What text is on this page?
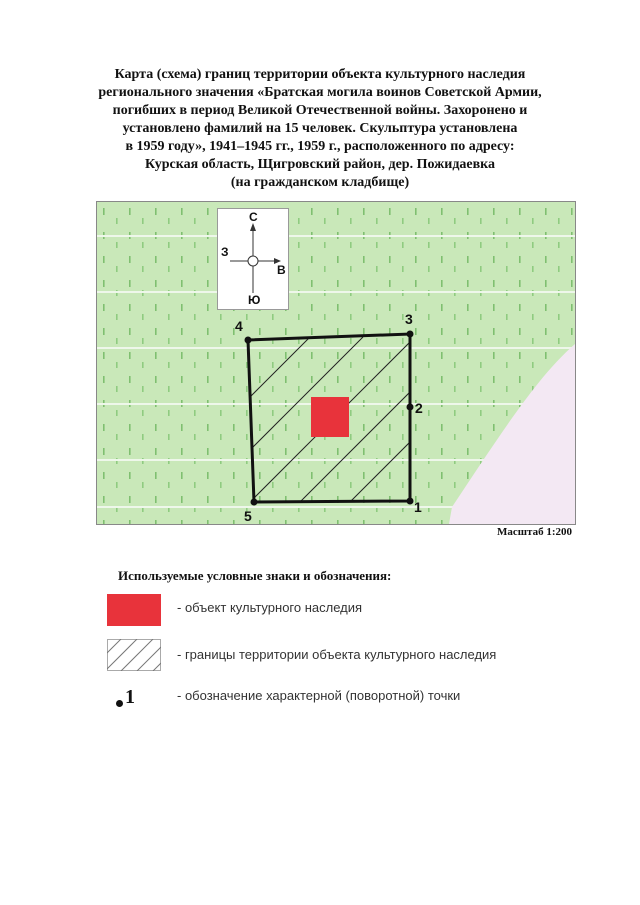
Карта (схема) границ территории объекта культурного наследия
регионального значения «Братская могила воинов Советской Армии,
погибших в период Великой Отечественной войны. Захоронено и
установлено фамилий на 15 человек. Скульптура установлена
в 1959 году», 1941–1945 гг., 1959 г., расположенного по адресу:
Курская область, Щигровский район, дер. Пожидаевка
(на гражданском кладбище)
С
З
В
Ю
1
2
3
4
5
Масштаб 1:200
Используемые условные знаки и обозначения:
- объект культурного наследия
- границы территории объекта культурного наследия
1	- обозначение характерной (поворотной) точки
